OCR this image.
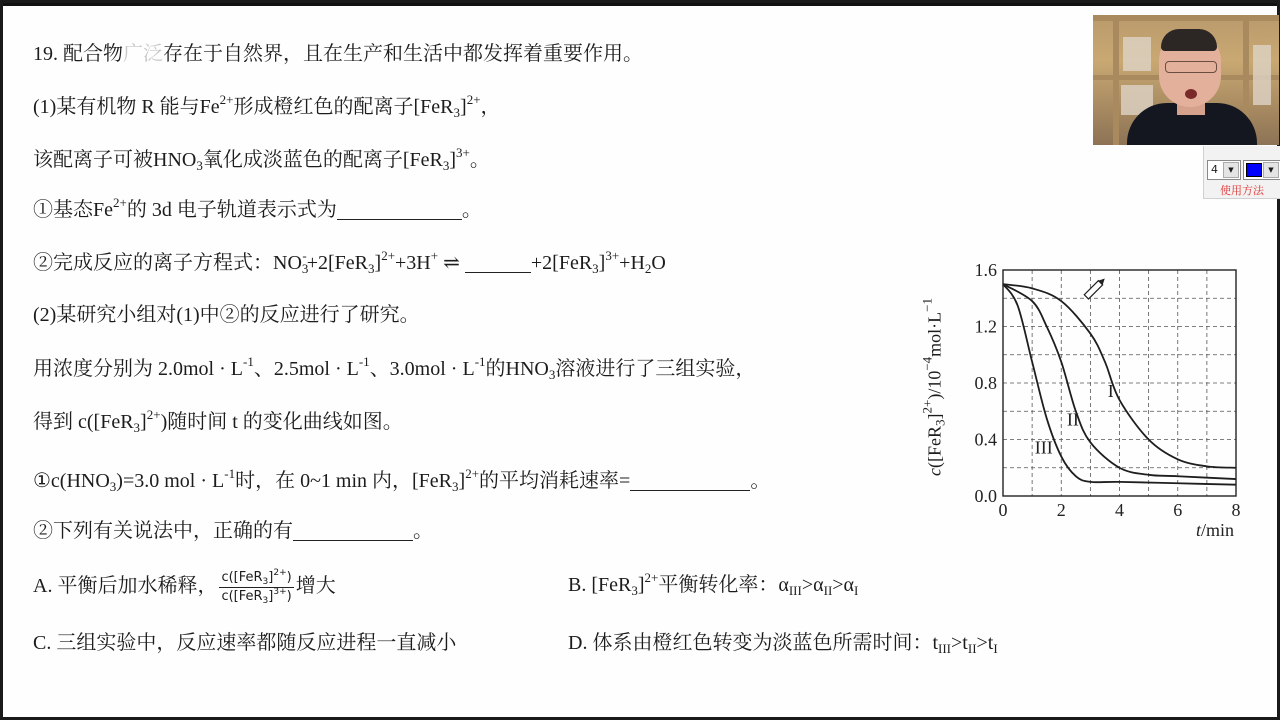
19. 配合物广泛存在于自然界，且在生产和生活中都发挥着重要作用。
(1)某有机物 R 能与$Fe^{2+}$形成橙红色的配离子$[FeR_3]^{2+}$，
该配离子可被$HNO_3$氧化成淡蓝色的配离子$[FeR_3]^{3+}$。
①基态$Fe^{2+}$的 3d 电子轨道表示式为	。
②完成反应的离子方程式：$NO_3^-+2[FeR_3]^{2+}+3H^+$ ⇌	$+2[FeR_3]^{3+}+H_2O$
(2)某研究小组对(1)中②的反应进行了研究。
用浓度分别为 $2.0mol \cdot L^{-1}$、$2.5mol \cdot L^{-1}$、$3.0mol \cdot L^{-1}$的$HNO_3$溶液进行了三组实验，
得到 $c([FeR_3]^{2+})$随时间 t 的变化曲线如图。
$①c(HNO_3)=3.0$ mol · $L^{-1}$时，在 0~1 min 内，$[FeR_3]^{2+}$的平均消耗速率=	。
②下列有关说法中，正确的有	。
A. 平衡后加水稀释， $\frac{c([FeR_3]^{2+})}{c([FeR_3]^{3+})}$ 增大	B. $[FeR_3]^{2+}$平衡转化率：$\alpha_{III}>\alpha_{II}>\alpha_I$
C. 三组实验中，反应速率都随反应进程一直减小	D. 体系由橙红色转变为淡蓝色所需时间：$t_{III}>t_{II}>t_I$
$c([FeR_3]^{2+})/10^{-4}mol\cdot L^{-1}$
0.0
0.4
0.8
1.2
1.6
0	2	4	6	8
t/min
I
II
III
4	▼	▼
使用方法
